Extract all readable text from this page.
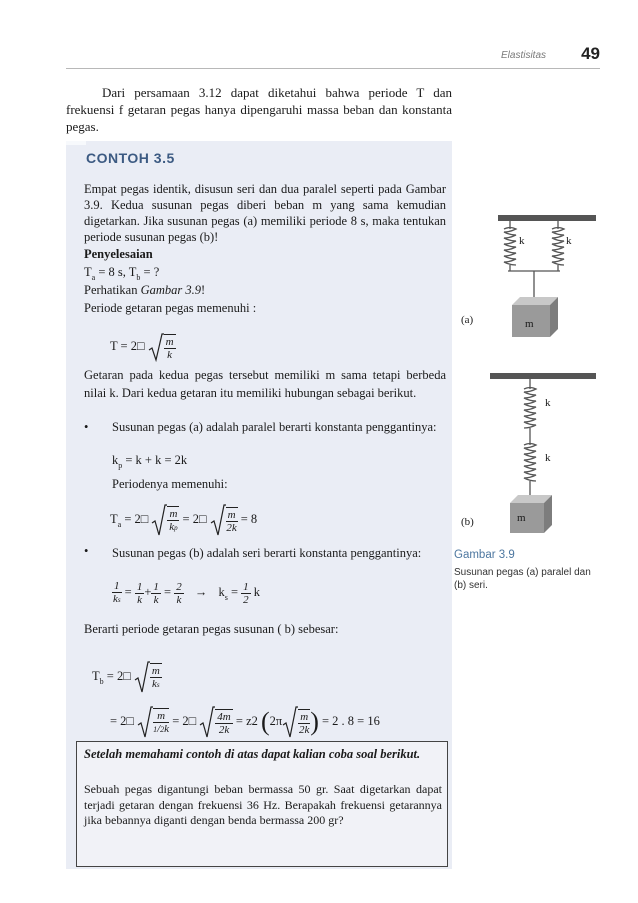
Elastisitas 49
Dari persamaan 3.12 dapat diketahui bahwa periode T dan frekuensi f getaran pegas hanya dipengaruhi massa beban dan konstanta pegas.
CONTOH 3.5
Empat pegas identik, disusun seri dan dua paralel seperti pada Gambar 3.9. Kedua susunan pegas diberi beban m yang sama kemudian digetarkan. Jika susunan pegas (a) memiliki periode 8 s, maka tentukan periode susunan pegas (b)!
Penyelesaian
$T_a = 8$ s, $T_b$ = ?
Perhatikan Gambar 3.9!
Periode getaran pegas memenuhi :
T = 2□ $\frac{m}{k}$
Getaran pada kedua pegas tersebut memiliki m sama tetapi berbeda nilai k. Dari kedua getaran itu memiliki hubungan sebagai berikut.
• Susunan pegas (a) adalah paralel berarti konstanta penggantinya:
$k_p = k + k = 2k$
Periodenya memenuhi:
$T_a$ = 2□ $\frac{m}{kp}$ = 2□ $\frac{m}{2k} = 8$
•	Susunan pegas (b) adalah seri berarti konstanta penggantinya:
$\frac{1}{ks} = \frac{1}{k} + \frac{1}{k} = \frac{2}{k} \to k_s = \frac{1}{2}$ k
Berarti periode getaran pegas susunan ( b) sebesar:
$T_b$ = 2□ $\frac{m}{ks}$
= 2□ $\frac{m}{1/2k}$ = 2□ $\frac{4m}{2k} = z2$ ($2\pi \frac{m}{2k}$ ) = 2 . 8 = 16
Setelah memahami contoh di atas dapat kalian coba soal berikut.
Sebuah pegas digantungi beban bermassa 50 gr. Saat digetarkan dapat terjadi getaran dengan frekuensi 36 Hz. Berapakah frekuensi getarannya jika bebannya diganti dengan benda bermassa 200 gr?
k	k
m
(a)
k
k
m
(b)
Gambar 3.9
Susunan pegas (a) paralel dan (b) seri.
